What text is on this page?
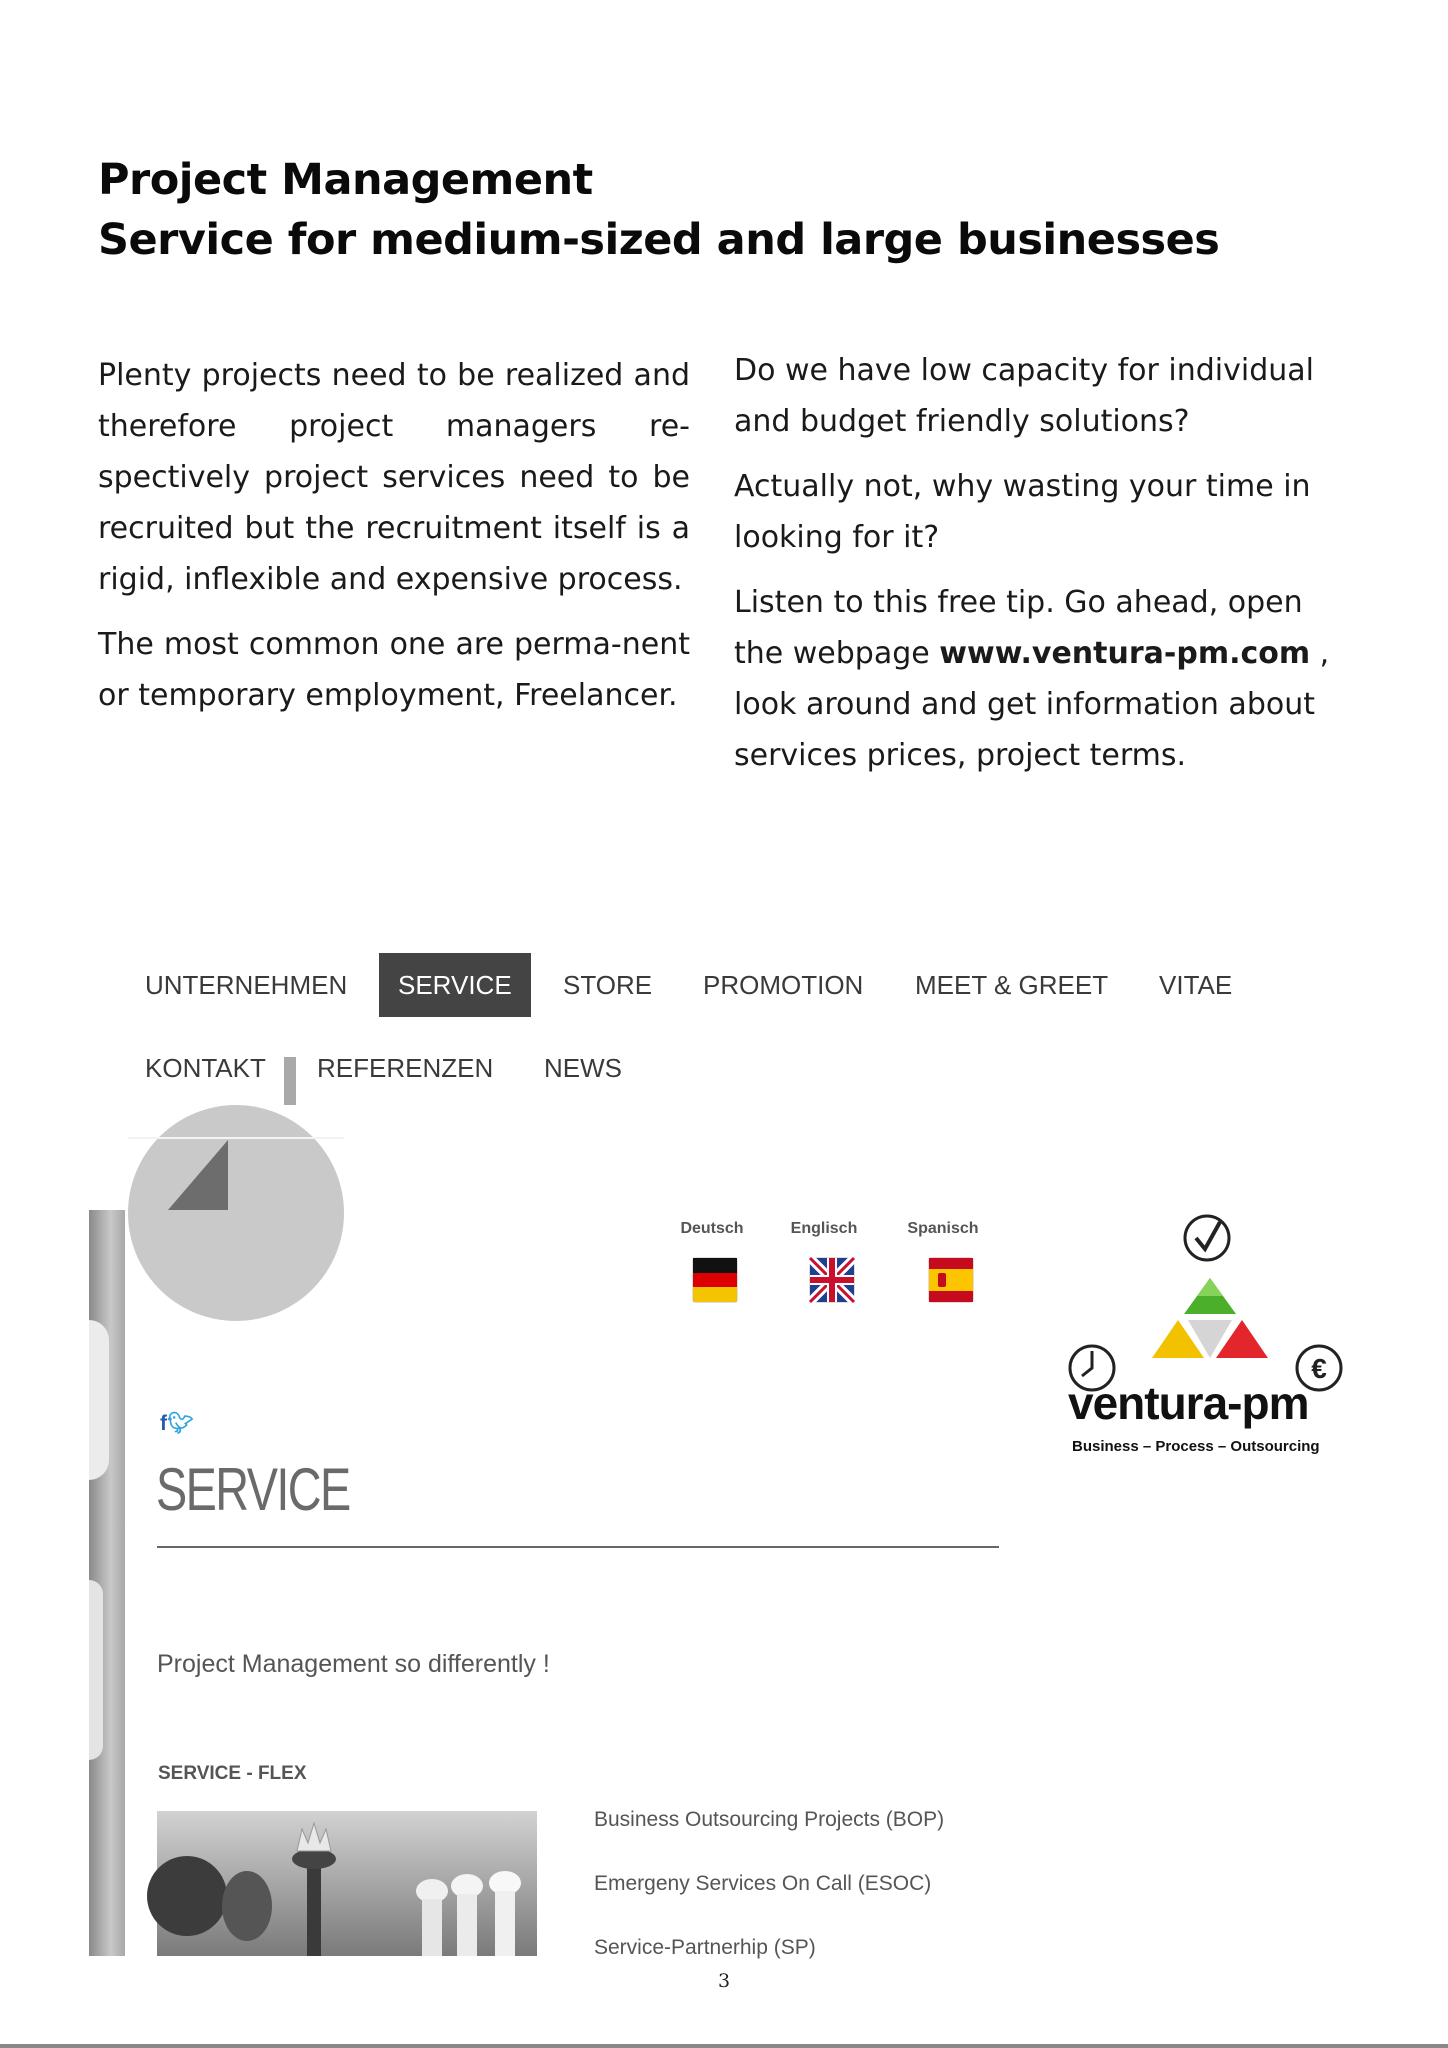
Project Management
Service for medium-sized and large businesses

Plenty projects need to be realized and therefore project managers re-spectively project services need to be recruited but the recruitment itself is a rigid, inflexible and expensive process.

The most common one are perma-nent or temporary employment, Freelancer.

Do we have low capacity for individual and budget friendly solutions?

Actually not, why wasting your time in looking for it?

Listen to this free tip. Go ahead, open the webpage www.ventura-pm.com , look around and get information about services prices, project terms.

UNTERNEHMEN	SERVICE	STORE	PROMOTION	MEET & GREET	VITAE
KONTAKT	REFERENZEN	NEWS
Deutsch	Englisch	Spanisch
€
ventura-pm
Business – Process – Outsourcing
f🐦︎
SERVICE
Project Management so differently !
SERVICE - FLEX
Business Outsourcing Projects (BOP)
Emergeny Services On Call (ESOC)
Service-Partnerhip (SP)
3
